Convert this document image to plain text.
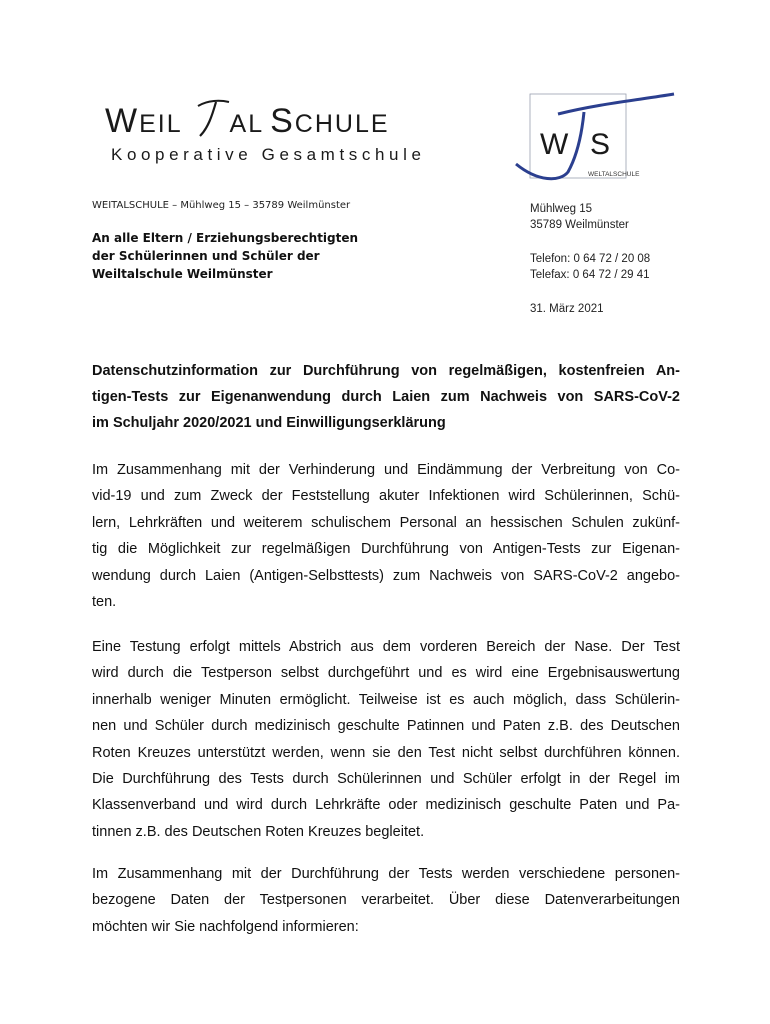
WEIL AL SCHULE
Kooperative Gesamtschule	W S
WELTALSCHULE
WEITALSCHULE – Mühlweg 15 – 35789 Weilmünster
An alle Eltern / Erziehungsberechtigten
der Schülerinnen und Schüler der
Weiltalschule Weilmünster
Mühlweg 15
35789 Weilmünster
Telefon: 0 64 72 / 20 08
Telefax: 0 64 72 / 29 41
31. März 2021
Datenschutzinformation zur Durchführung von regelmäßigen, kostenfreien An-
tigen-Tests zur Eigenanwendung durch Laien zum Nachweis von SARS-CoV-2
im Schuljahr 2020/2021 und Einwilligungserklärung
Im Zusammenhang mit der Verhinderung und Eindämmung der Verbreitung von Co-
vid-19 und zum Zweck der Feststellung akuter Infektionen wird Schülerinnen, Schü-
lern, Lehrkräften und weiterem schulischem Personal an hessischen Schulen zukünf-
tig die Möglichkeit zur regelmäßigen Durchführung von Antigen-Tests zur Eigenan-
wendung durch Laien (Antigen-Selbsttests) zum Nachweis von SARS-CoV-2 angebo-
ten.
Eine Testung erfolgt mittels Abstrich aus dem vorderen Bereich der Nase. Der Test
wird durch die Testperson selbst durchgeführt und es wird eine Ergebnisauswertung
innerhalb weniger Minuten ermöglicht. Teilweise ist es auch möglich, dass Schülerin-
nen und Schüler durch medizinisch geschulte Patinnen und Paten z.B. des Deutschen
Roten Kreuzes unterstützt werden, wenn sie den Test nicht selbst durchführen können.
Die Durchführung des Tests durch Schülerinnen und Schüler erfolgt in der Regel im
Klassenverband und wird durch Lehrkräfte oder medizinisch geschulte Paten und Pa-
tinnen z.B. des Deutschen Roten Kreuzes begleitet.
Im Zusammenhang mit der Durchführung der Tests werden verschiedene personen-
bezogene Daten der Testpersonen verarbeitet. Über diese Datenverarbeitungen
möchten wir Sie nachfolgend informieren:
